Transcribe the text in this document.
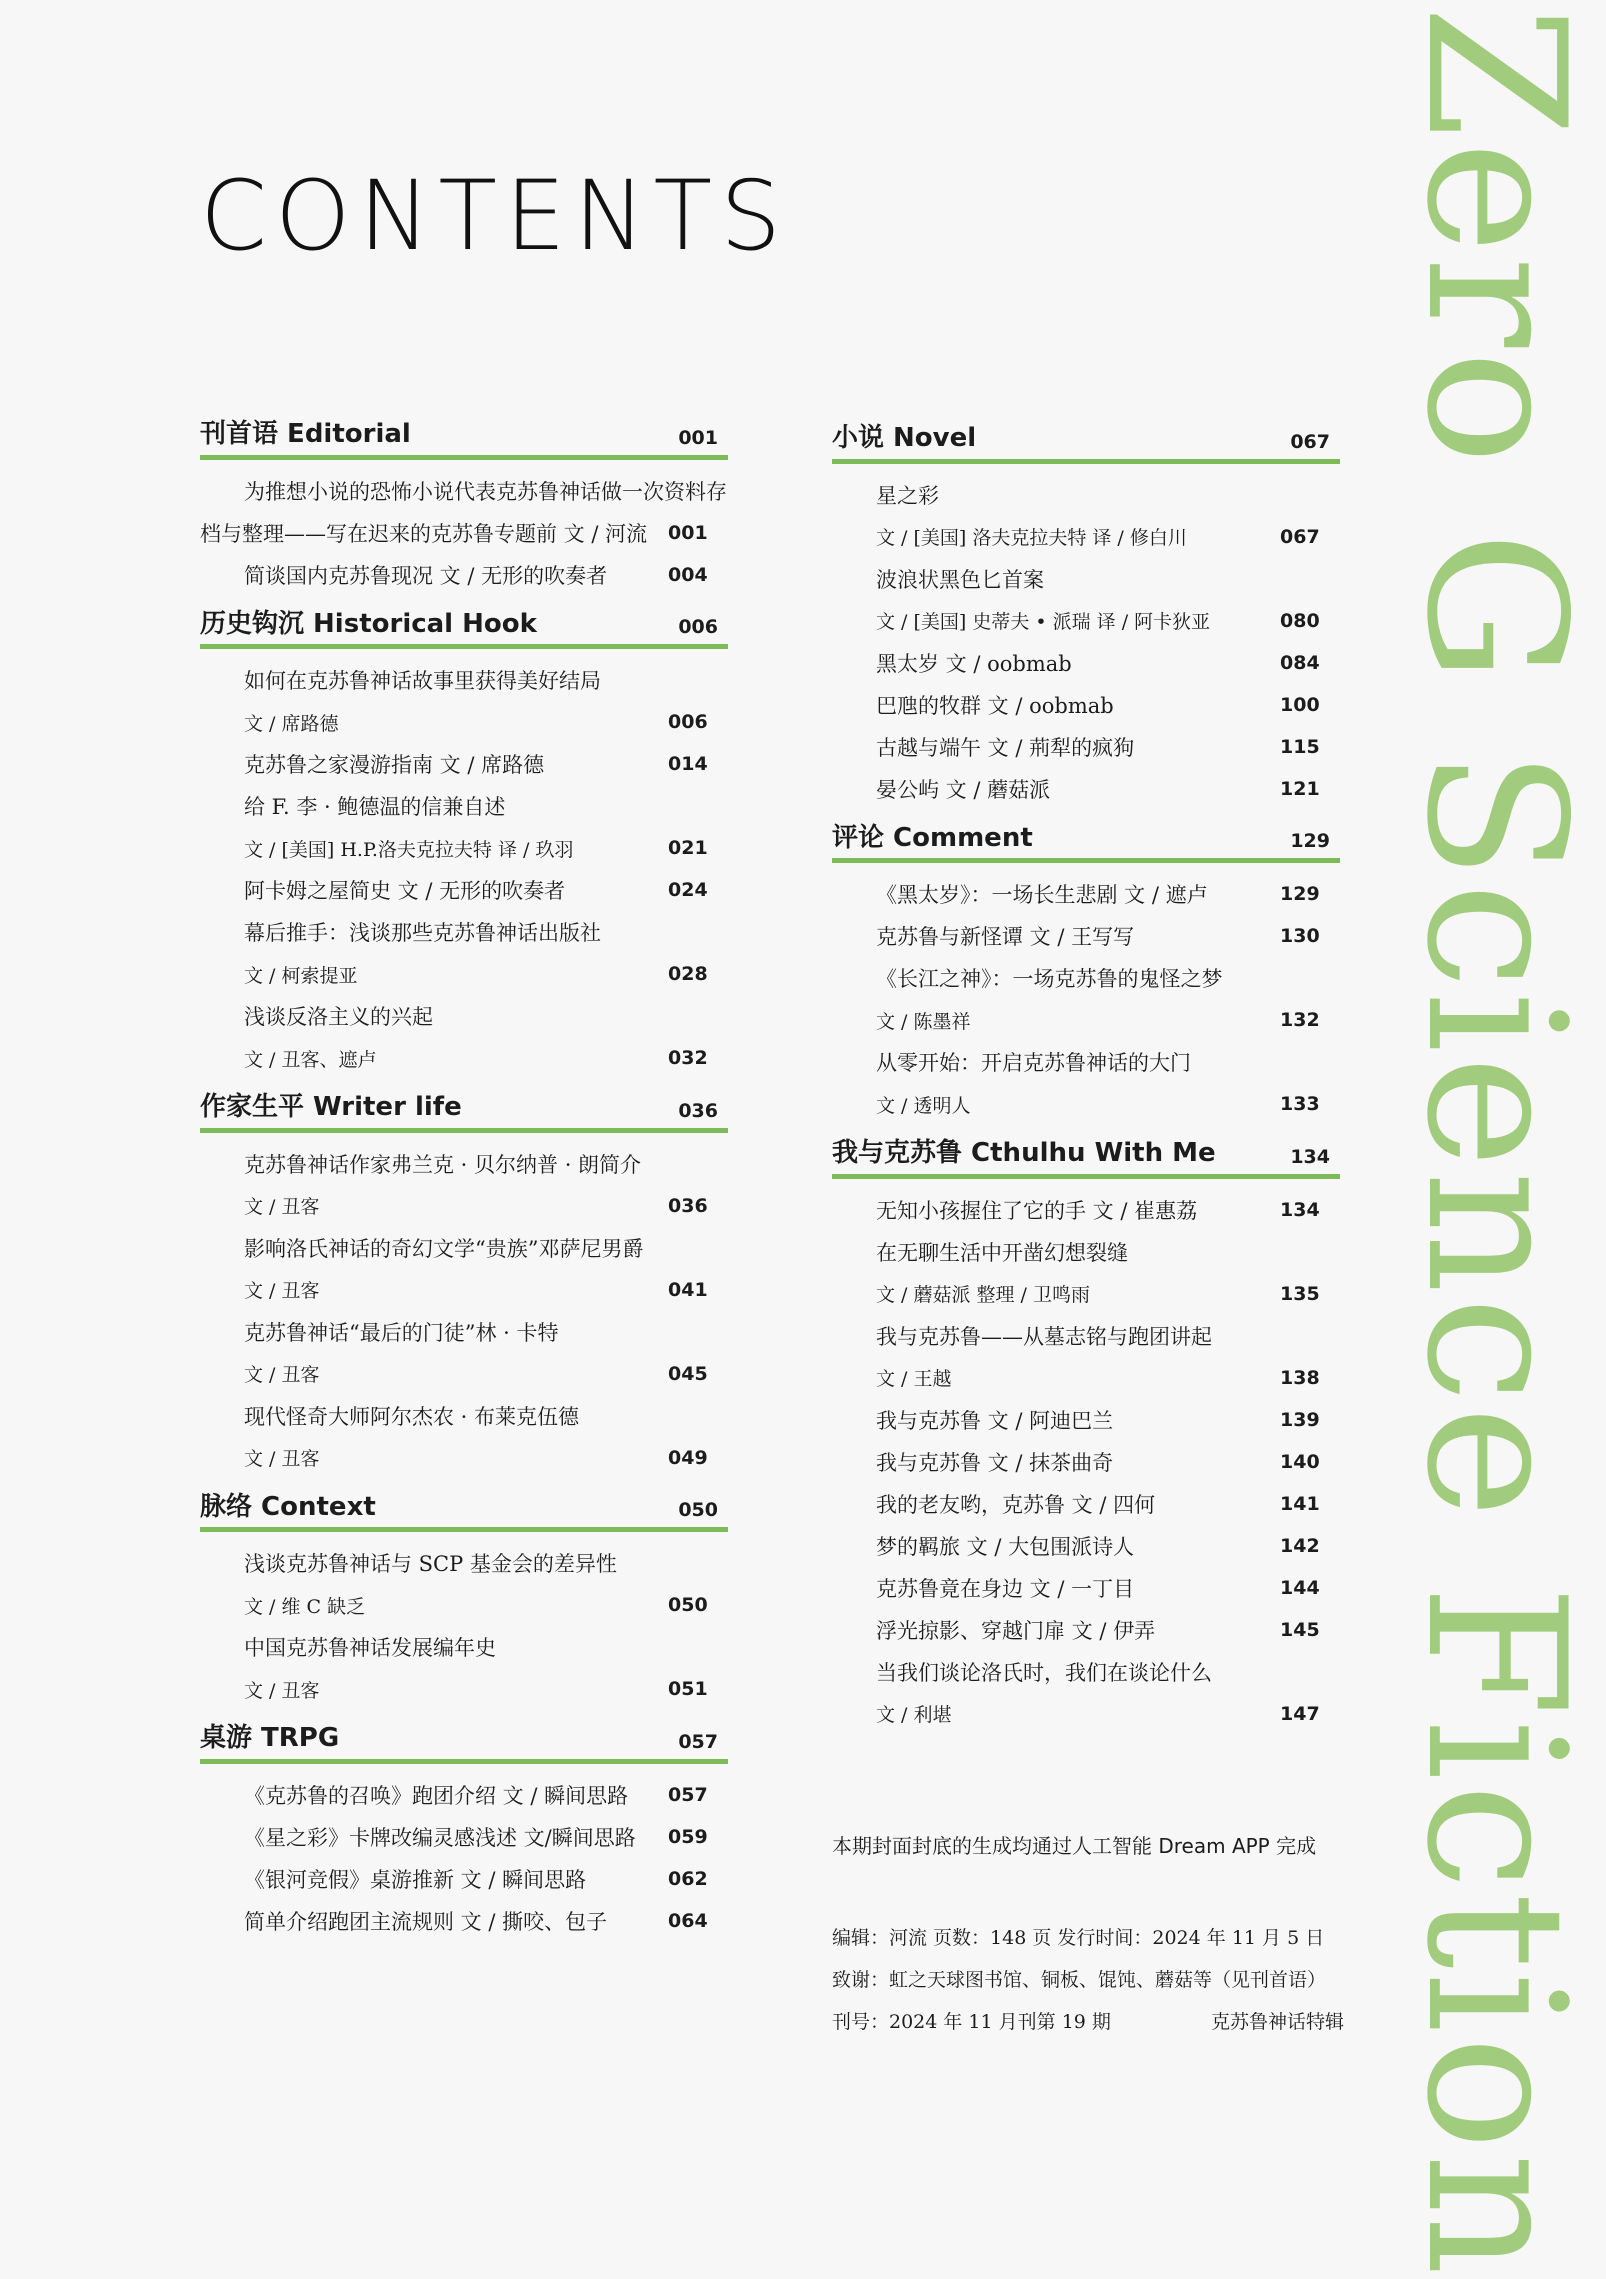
CONTENTS	Zero G Science Fiction
刊首语 Editorial	001
为推想小说的恐怖小说代表克苏鲁神话做一次资料存
档与整理——写在迟来的克苏鲁专题前 文 / 河流 001
简谈国内克苏鲁现况 文 / 无形的吹奏者	004
历史钩沉 Historical Hook	006
如何在克苏鲁神话故事里获得美好结局
文 / 席路德	006
克苏鲁之家漫游指南 文 / 席路德	014
给 F. 李 · 鲍德温的信兼自述
文 / [美国] H.P.洛夫克拉夫特 译 / 玖羽	021
阿卡姆之屋简史 文 / 无形的吹奏者	024
幕后推手：浅谈那些克苏鲁神话出版社
文 / 柯索提亚	028
浅谈反洛主义的兴起
文 / 丑客、遮卢	032
作家生平 Writer life	036
克苏鲁神话作家弗兰克 · 贝尔纳普 · 朗简介
文 / 丑客	036
影响洛氏神话的奇幻文学“贵族”邓萨尼男爵
文 / 丑客	041
克苏鲁神话“最后的门徒”林 · 卡特
文 / 丑客	045
现代怪奇大师阿尔杰农 · 布莱克伍德
文 / 丑客	049
脉络 Context	050
浅谈克苏鲁神话与 SCP 基金会的差异性
文 / 维 C 缺乏	050
中国克苏鲁神话发展编年史
文 / 丑客	051
桌游 TRPG	057
《克苏鲁的召唤》跑团介绍 文 / 瞬间思路 057
《星之彩》卡牌改编灵感浅述 文/瞬间思路 059
《银河竞假》桌游推新 文 / 瞬间思路	062
简单介绍跑团主流规则 文 / 撕咬、包子	064
小说 Novel	067
星之彩
文 / [美国] 洛夫克拉夫特 译 / 修白川	067
波浪状黑色匕首案
文 / [美国] 史蒂夫 • 派瑞 译 / 阿卡狄亚	080
黑太岁 文 / oobmab	084
巴虺的牧群 文 / oobmab	100
古越与端午 文 / 荊犁的疯狗	115
晏公屿 文 / 蘑菇派	121
评论 Comment	129
《黑太岁》：一场长生悲剧 文 / 遮卢	129
克苏鲁与新怪谭 文 / 王写写	130
《长江之神》：一场克苏鲁的鬼怪之梦
文 / 陈墨祥	132
从零开始：开启克苏鲁神话的大门
文 / 透明人	133
我与克苏鲁 Cthulhu With Me	134
无知小孩握住了它的手 文 / 崔惠荔	134
在无聊生活中开凿幻想裂缝
文 / 蘑菇派 整理 / 卫鸣雨	135
我与克苏鲁——从墓志铭与跑团讲起
文 / 王越	138
我与克苏鲁 文 / 阿迪巴兰	139
我与克苏鲁 文 / 抹茶曲奇	140
我的老友哟，克苏鲁 文 / 四何	141
梦的羁旅 文 / 大包围派诗人	142
克苏鲁竟在身边 文 / 一丁目	144
浮光掠影、穿越门扉 文 / 伊弄	145
当我们谈论洛氏时，我们在谈论什么
文 / 利堪	147
本期封面封底的生成均通过人工智能 Dream APP 完成
编辑：河流 页数：148 页 发行时间：2024 年 11 月 5 日
致谢：虹之天球图书馆、铜板、馄饨、蘑菇等（见刊首语）
刊号：2024 年 11 月刊第 19 期	克苏鲁神话特辑
